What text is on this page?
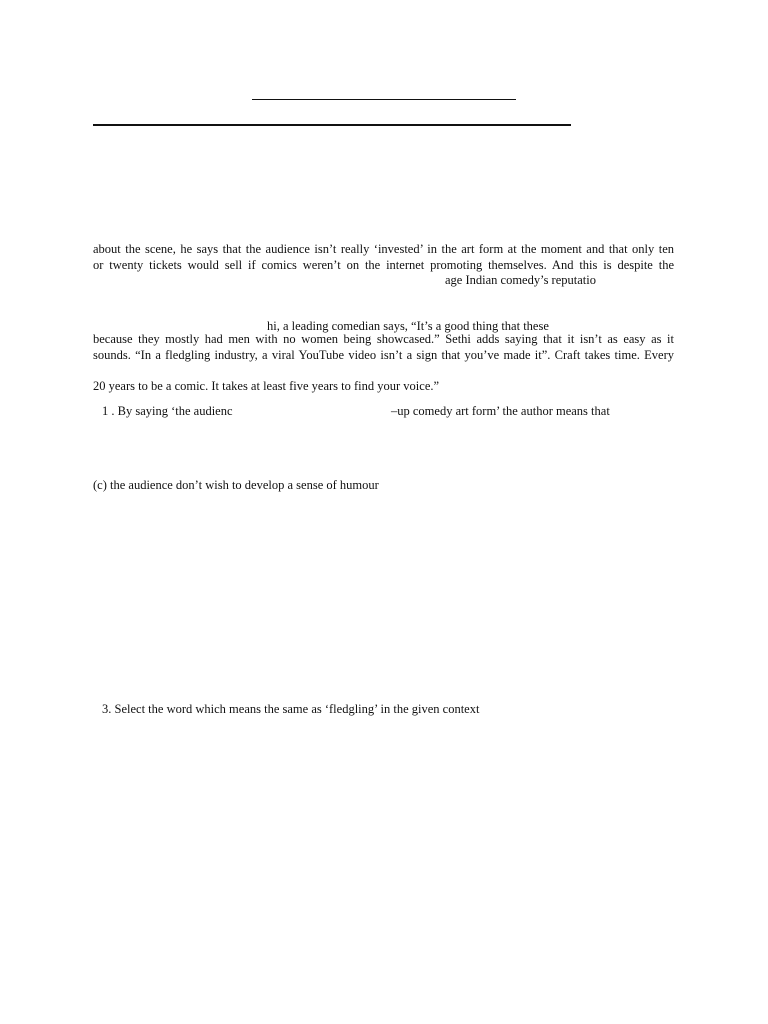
about the scene, he says that the audience isn’t really ‘invested’ in the art form at the moment and that only ten
or twenty tickets would sell if comics weren’t on the internet promoting themselves. And this is despite the
age Indian comedy’s reputatio
hi, a leading comedian says, “It’s a good thing that these
because they mostly had men with no women being showcased.” Sethi adds saying that it isn’t as easy as it
sounds. “In a fledgling industry, a viral YouTube video isn’t a sign that you’ve made it”. Craft takes time. Every
20 years to be a comic. It takes at least five years to find your voice.”
1 . By saying ‘the audienc	–up comedy art form’ the author means that
(c) the audience don’t wish to develop a sense of humour
3. Select the word which means the same as ‘fledgling’ in the given context
